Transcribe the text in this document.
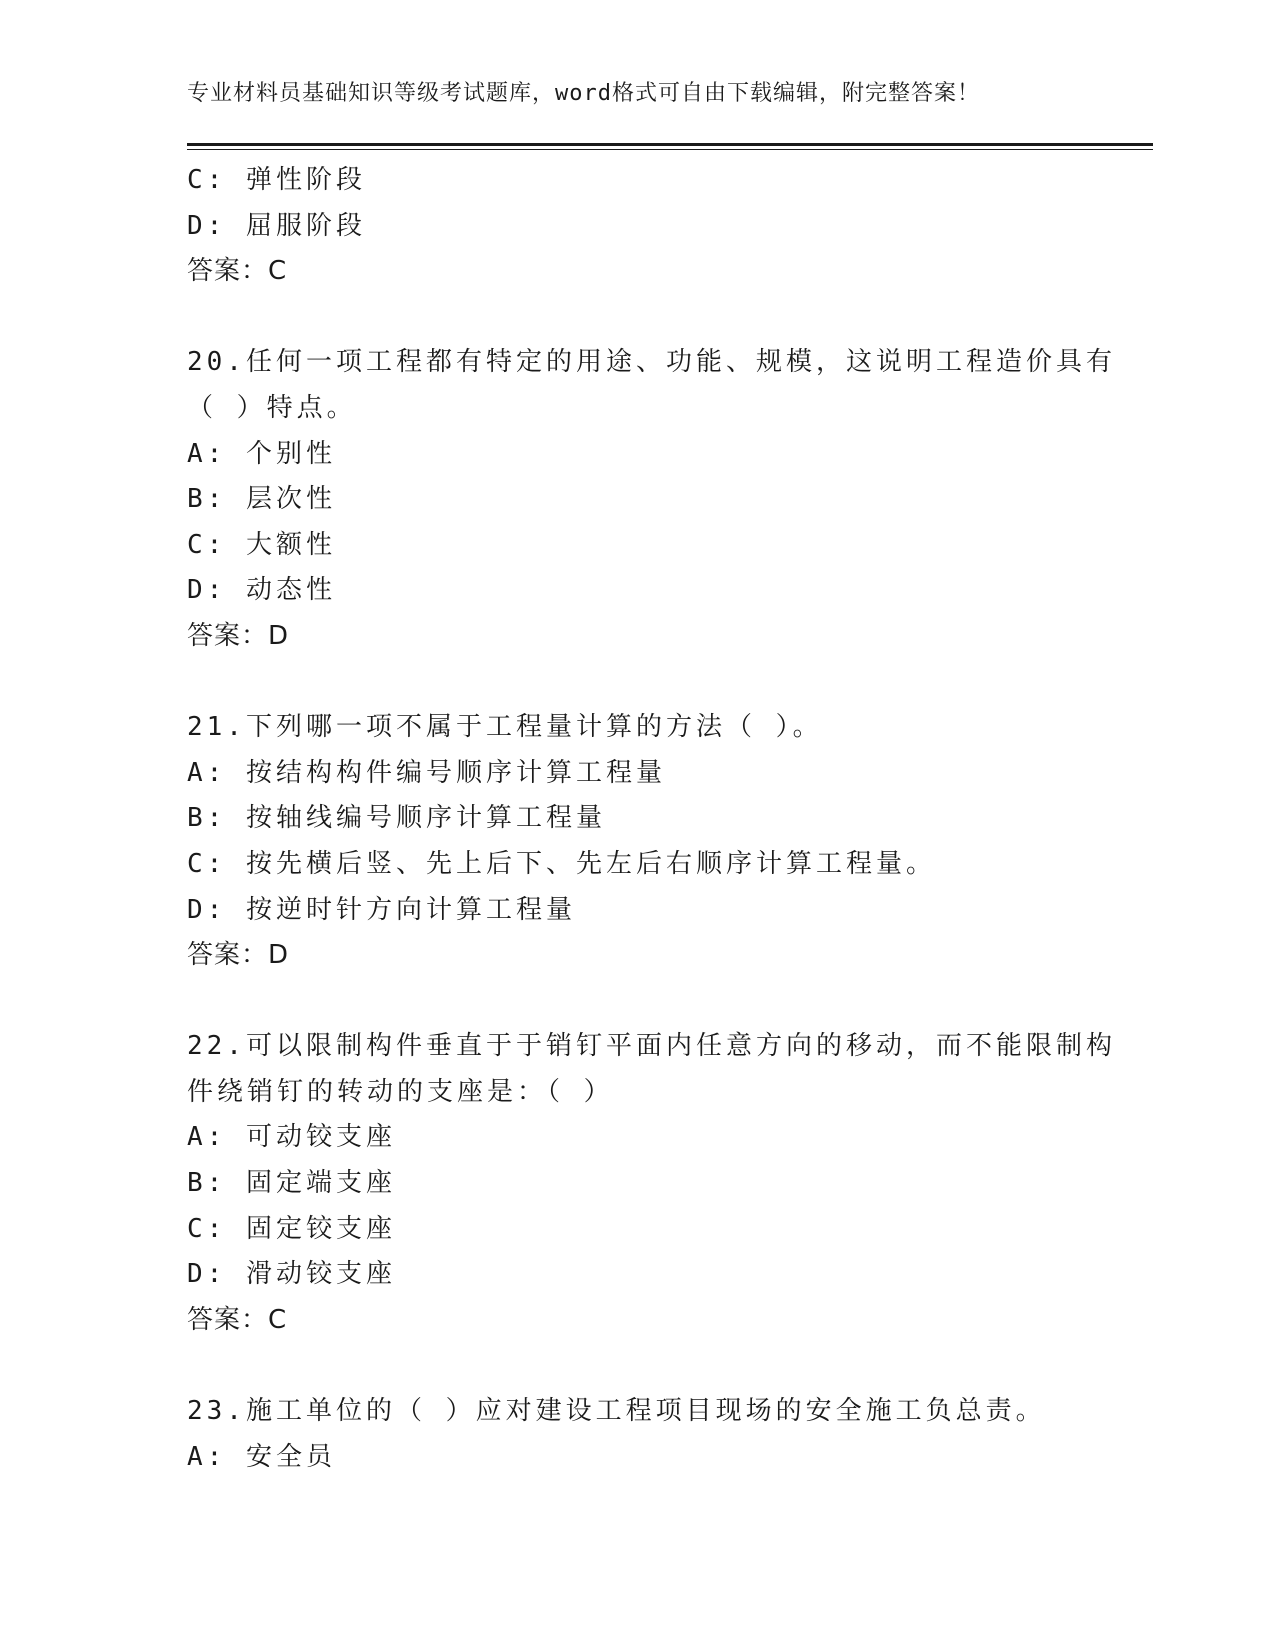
专业材料员基础知识等级考试题库，word格式可自由下载编辑，附完整答案！
C: 弹性阶段
D: 屈服阶段
答案：C
20.任何一项工程都有特定的用途、功能、规模，这说明工程造价具有
（ ）特点。
A: 个别性
B: 层次性
C: 大额性
D: 动态性
答案：D
21.下列哪一项不属于工程量计算的方法（ ）。
A: 按结构构件编号顺序计算工程量
B: 按轴线编号顺序计算工程量
C: 按先横后竖、先上后下、先左后右顺序计算工程量。
D: 按逆时针方向计算工程量
答案：D
22.可以限制构件垂直于于销钉平面内任意方向的移动，而不能限制构
件绕销钉的转动的支座是：（ ）
A: 可动铰支座
B: 固定端支座
C: 固定铰支座
D: 滑动铰支座
答案：C
23.施工单位的（ ）应对建设工程项目现场的安全施工负总责。
A: 安全员
